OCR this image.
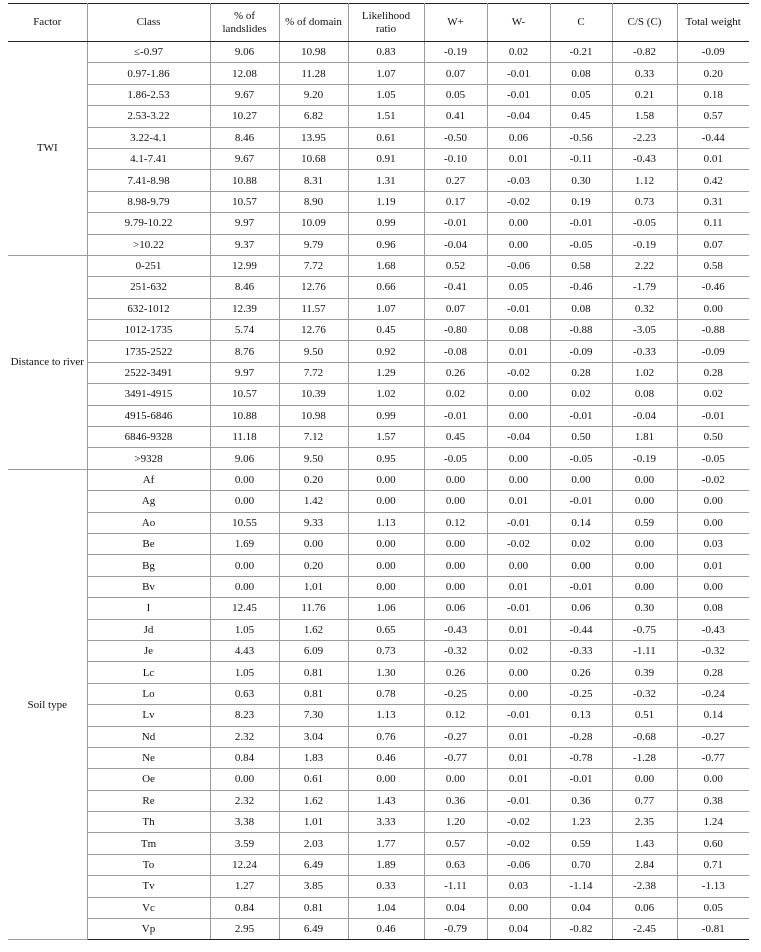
Factor	Class	% of landslides	% of domain	Likelihood ratio	W+	W-	C	C/S (C)	Total weight
TWI	≤-0.97	9.06	10.98	0.83	-0.19	0.02	-0.21	-0.82	-0.09
	0.97-1.86	12.08	11.28	1.07	0.07	-0.01	0.08	0.33	0.20
	1.86-2.53	9.67	9.20	1.05	0.05	-0.01	0.05	0.21	0.18
	2.53-3.22	10.27	6.82	1.51	0.41	-0.04	0.45	1.58	0.57
	3.22-4.1	8.46	13.95	0.61	-0.50	0.06	-0.56	-2.23	-0.44
	4.1-7.41	9.67	10.68	0.91	-0.10	0.01	-0.11	-0.43	0.01
	7.41-8.98	10.88	8.31	1.31	0.27	-0.03	0.30	1.12	0.42
	8.98-9.79	10.57	8.90	1.19	0.17	-0.02	0.19	0.73	0.31
	9.79-10.22	9.97	10.09	0.99	-0.01	0.00	-0.01	-0.05	0.11
	>10.22	9.37	9.79	0.96	-0.04	0.00	-0.05	-0.19	0.07
Distance to river	0-251	12.99	7.72	1.68	0.52	-0.06	0.58	2.22	0.58
	251-632	8.46	12.76	0.66	-0.41	0.05	-0.46	-1.79	-0.46
	632-1012	12.39	11.57	1.07	0.07	-0.01	0.08	0.32	0.00
	1012-1735	5.74	12.76	0.45	-0.80	0.08	-0.88	-3.05	-0.88
	1735-2522	8.76	9.50	0.92	-0.08	0.01	-0.09	-0.33	-0.09
	2522-3491	9.97	7.72	1.29	0.26	-0.02	0.28	1.02	0.28
	3491-4915	10.57	10.39	1.02	0.02	0.00	0.02	0.08	0.02
	4915-6846	10.88	10.98	0.99	-0.01	0.00	-0.01	-0.04	-0.01
	6846-9328	11.18	7.12	1.57	0.45	-0.04	0.50	1.81	0.50
	>9328	9.06	9.50	0.95	-0.05	0.00	-0.05	-0.19	-0.05
Soil type	Af	0.00	0.20	0.00	0.00	0.00	0.00	0.00	-0.02
	Ag	0.00	1.42	0.00	0.00	0.01	-0.01	0.00	0.00
	Ao	10.55	9.33	1.13	0.12	-0.01	0.14	0.59	0.00
	Be	1.69	0.00	0.00	0.00	-0.02	0.02	0.00	0.03
	Bg	0.00	0.20	0.00	0.00	0.00	0.00	0.00	0.01
	Bv	0.00	1.01	0.00	0.00	0.01	-0.01	0.00	0.00
	I	12.45	11.76	1.06	0.06	-0.01	0.06	0.30	0.08
	Jd	1.05	1.62	0.65	-0.43	0.01	-0.44	-0.75	-0.43
	Je	4.43	6.09	0.73	-0.32	0.02	-0.33	-1.11	-0.32
	Lc	1.05	0.81	1.30	0.26	0.00	0.26	0.39	0.28
	Lo	0.63	0.81	0.78	-0.25	0.00	-0.25	-0.32	-0.24
	Lv	8.23	7.30	1.13	0.12	-0.01	0.13	0.51	0.14
	Nd	2.32	3.04	0.76	-0.27	0.01	-0.28	-0.68	-0.27
	Ne	0.84	1.83	0.46	-0.77	0.01	-0.78	-1.28	-0.77
	Oe	0.00	0.61	0.00	0.00	0.01	-0.01	0.00	0.00
	Re	2.32	1.62	1.43	0.36	-0.01	0.36	0.77	0.38
	Th	3.38	1.01	3.33	1.20	-0.02	1.23	2.35	1.24
	Tm	3.59	2.03	1.77	0.57	-0.02	0.59	1.43	0.60
	To	12.24	6.49	1.89	0.63	-0.06	0.70	2.84	0.71
	Tv	1.27	3.85	0.33	-1.11	0.03	-1.14	-2.38	-1.13
	Vc	0.84	0.81	1.04	0.04	0.00	0.04	0.06	0.05
	Vp	2.95	6.49	0.46	-0.79	0.04	-0.82	-2.45	-0.81
